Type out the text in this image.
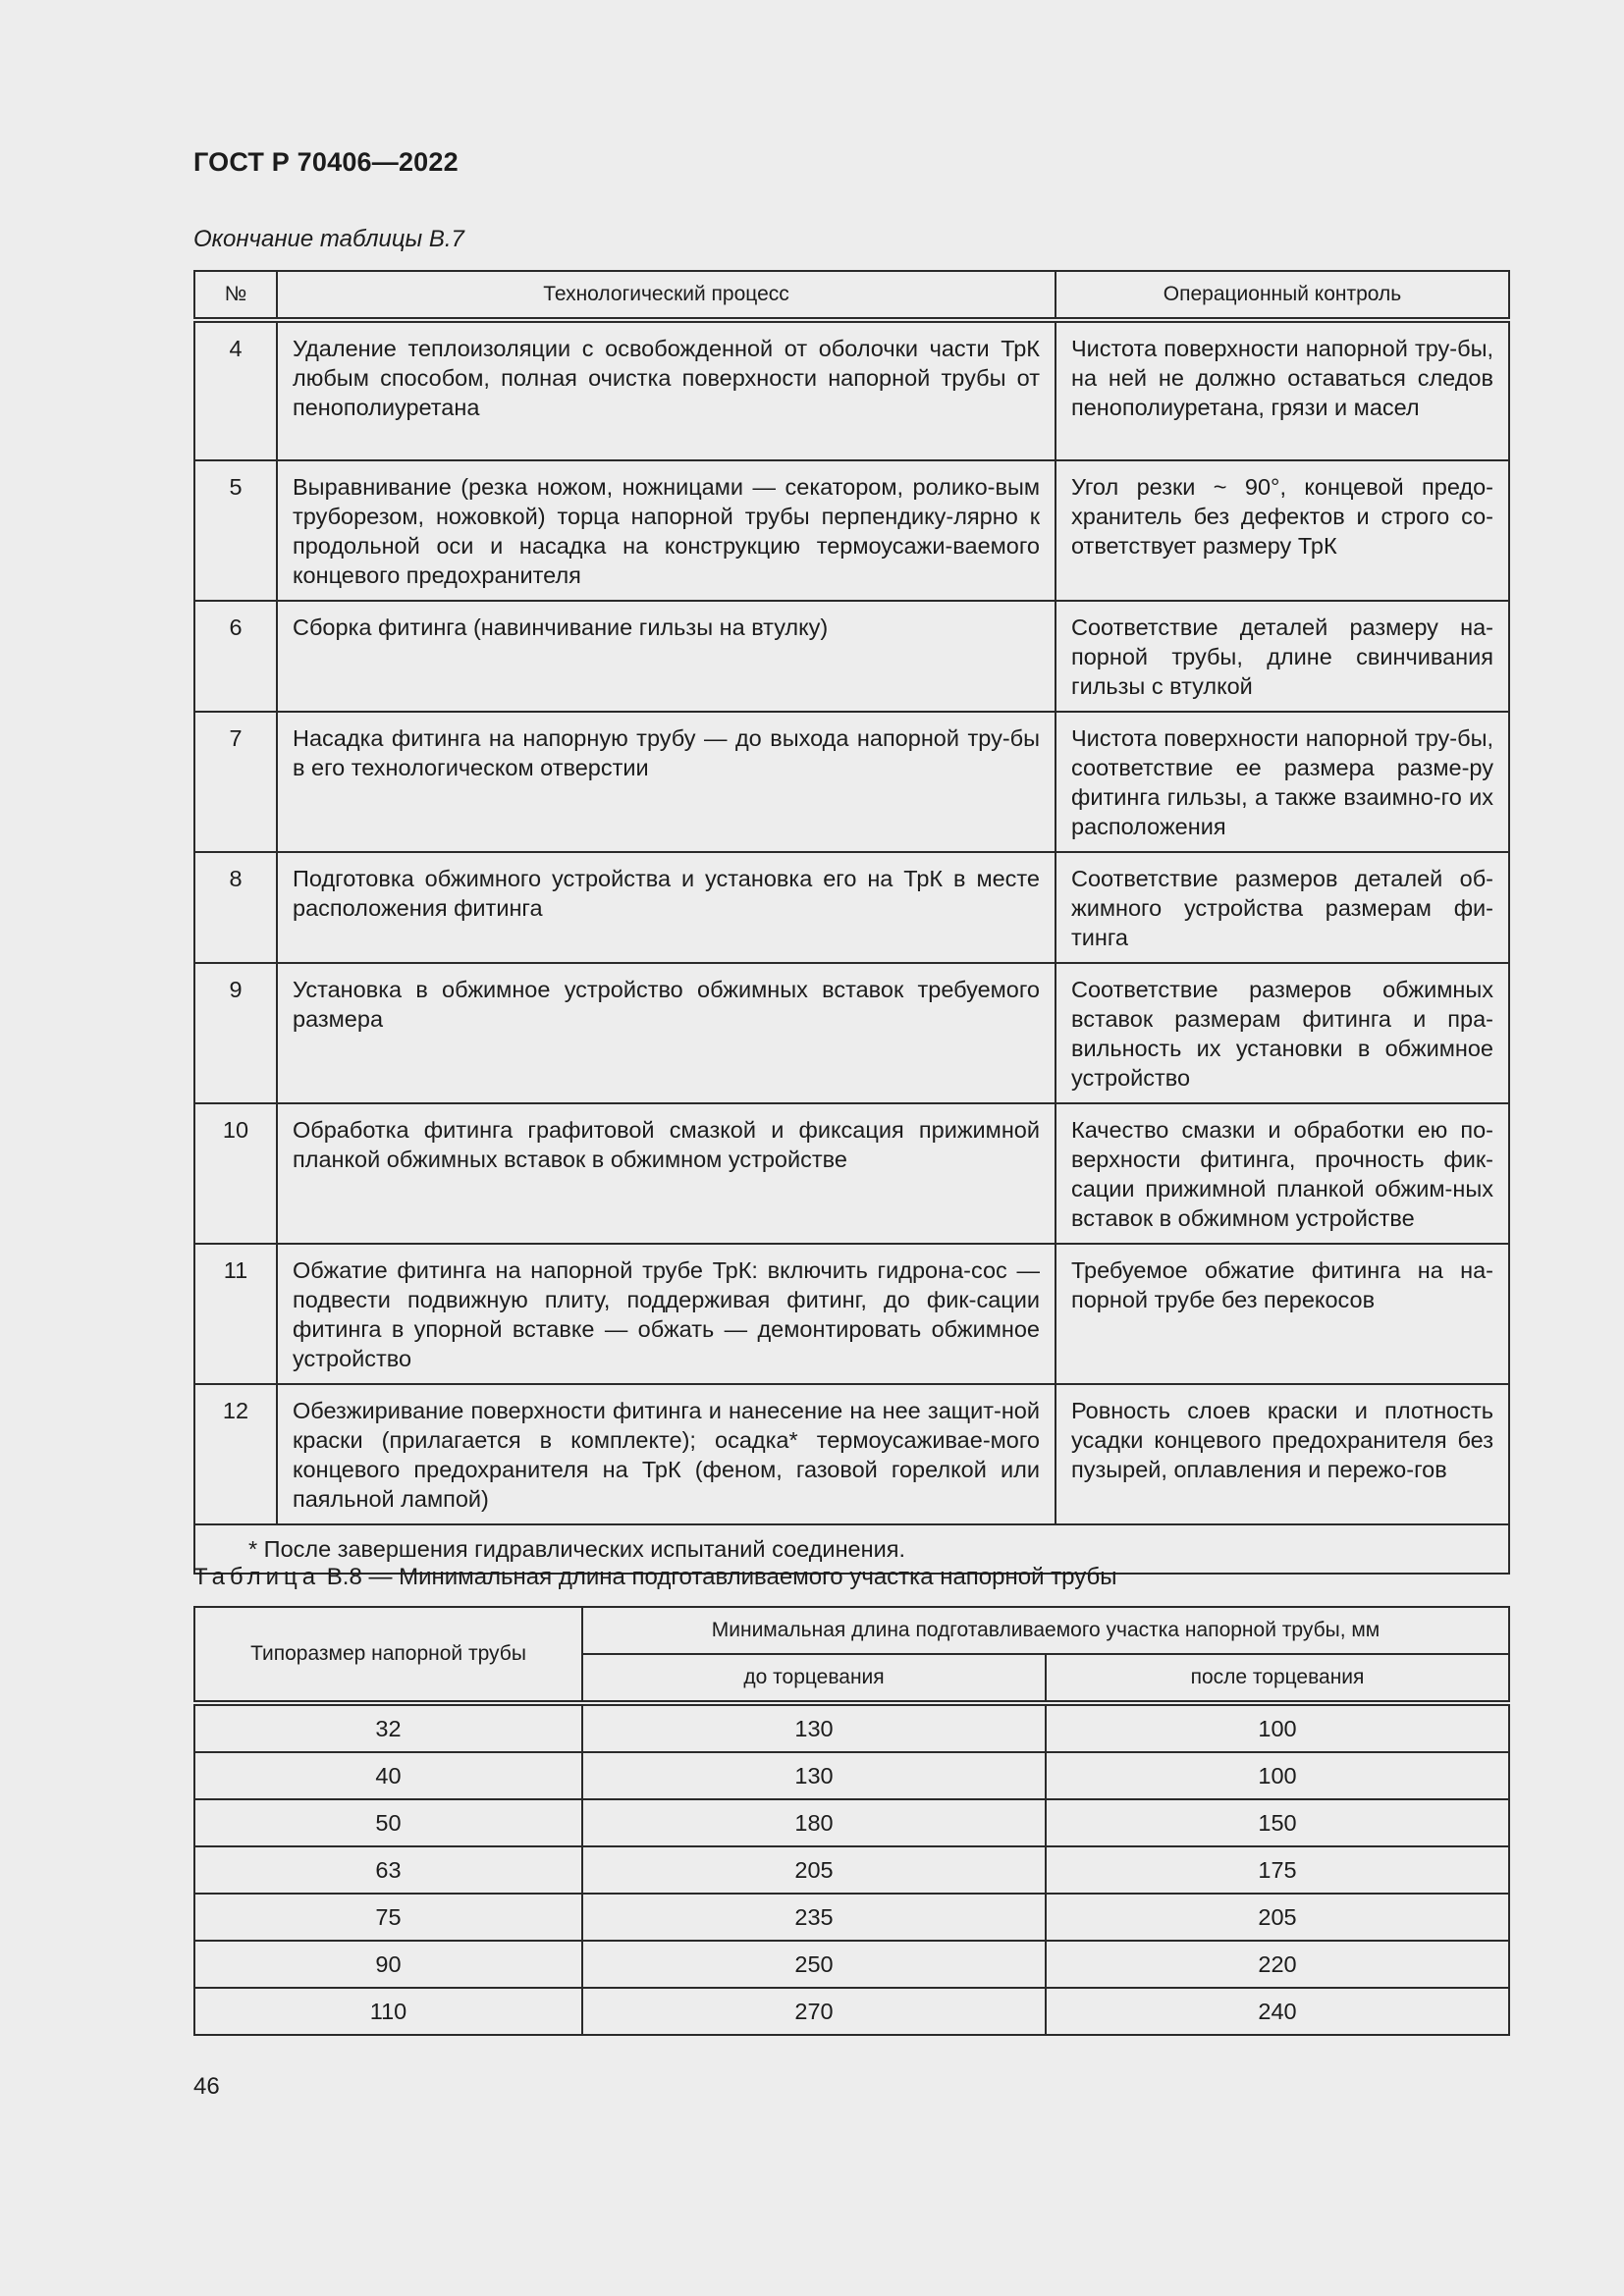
ГОСТ Р 70406—2022
Окончание таблицы В.7
№	Технологический процесс	Операционный контроль
4	Удаление теплоизоляции с освобожденной от оболочки части ТрК любым способом, полная очистка поверхности напорной трубы от пенополиуретана	Чистота поверхности напорной тру-бы, на ней не должно оставаться следов пенополиуретана, грязи и масел
5	Выравнивание (резка ножом, ножницами — секатором, ролико-вым труборезом, ножовкой) торца напорной трубы перпендику-лярно к продольной оси и насадка на конструкцию термоусажи-ваемого концевого предохранителя	Угол резки ~ 90°, концевой предо-хранитель без дефектов и строго со-ответствует размеру ТрК
6	Сборка фитинга (навинчивание гильзы на втулку)	Соответствие деталей размеру на-порной трубы, длине свинчивания гильзы с втулкой
7	Насадка фитинга на напорную трубу — до выхода напорной тру-бы в его технологическом отверстии	Чистота поверхности напорной тру-бы, соответствие ее размера разме-ру фитинга гильзы, а также взаимно-го их расположения
8	Подготовка обжимного устройства и установка его на ТрК в месте расположения фитинга	Соответствие размеров деталей об-жимного устройства размерам фи-тинга
9	Установка в обжимное устройство обжимных вставок требуемого размера	Соответствие размеров обжимных вставок размерам фитинга и пра-вильность их установки в обжимное устройство
10	Обработка фитинга графитовой смазкой и фиксация прижимной планкой обжимных вставок в обжимном устройстве	Качество смазки и обработки ею по-верхности фитинга, прочность фик-сации прижимной планкой обжим-ных вставок в обжимном устройстве
11	Обжатие фитинга на напорной трубе ТрК: включить гидрона-сос — подвести подвижную плиту, поддерживая фитинг, до фик-сации фитинга в упорной вставке — обжать — демонтировать обжимное устройство	Требуемое обжатие фитинга на на-порной трубе без перекосов
12	Обезжиривание поверхности фитинга и нанесение на нее защит-ной краски (прилагается в комплекте); осадка* термоусаживае-мого концевого предохранителя на ТрК (феном, газовой горелкой или паяльной лампой)	Ровность слоев краски и плотность усадки концевого предохранителя без пузырей, оплавления и пережо-гов
* После завершения гидравлических испытаний соединения.		
Таблица В.8 — Минимальная длина подготавливаемого участка напорной трубы
Типоразмер напорной трубы	Минимальная длина подготавливаемого участка напорной трубы, мм	
	до торцевания	после торцевания
32	130	100
40	130	100
50	180	150
63	205	175
75	235	205
90	250	220
110	270	240
46
